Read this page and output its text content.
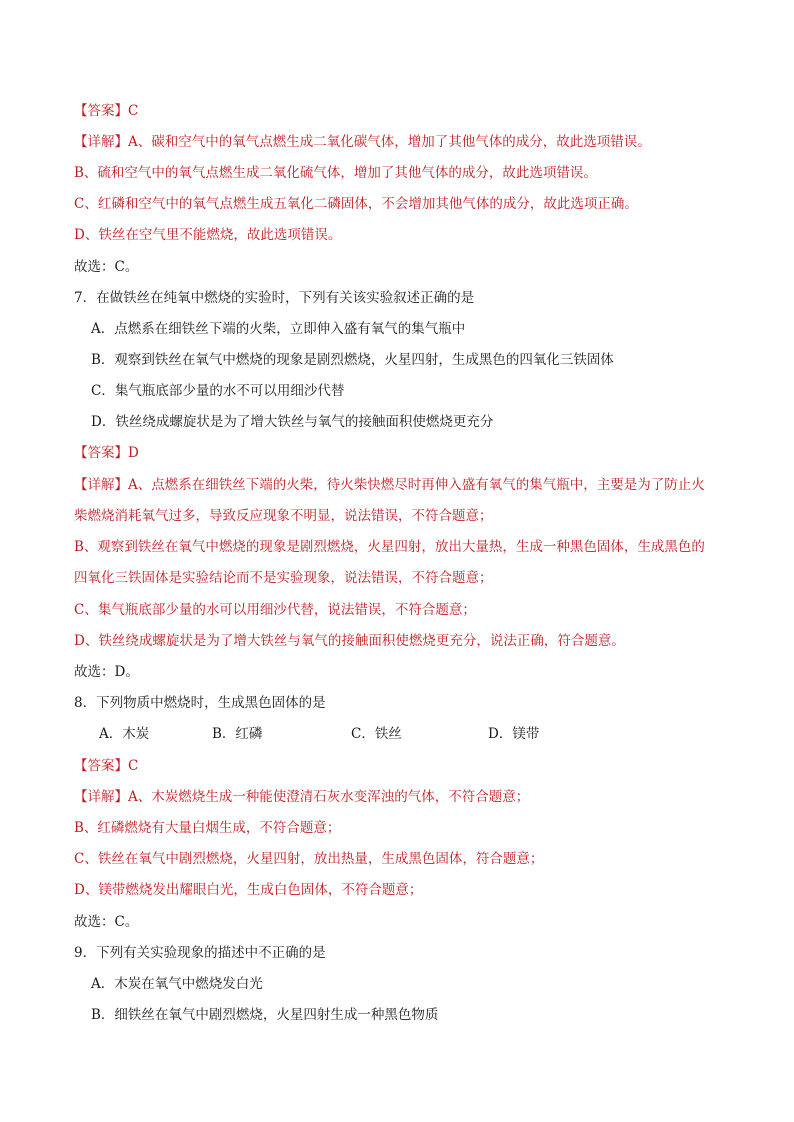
【答案】C
【详解】A、碳和空气中的氧气点燃生成二氧化碳气体，增加了其他气体的成分，故此选项错误。
B、硫和空气中的氧气点燃生成二氧化硫气体，增加了其他气体的成分，故此选项错误。
C、红磷和空气中的氧气点燃生成五氧化二磷固体，不会增加其他气体的成分，故此选项正确。
D、铁丝在空气里不能燃烧，故此选项错误。
故选：C。
7．在做铁丝在纯氧中燃烧的实验时，下列有关该实验叙述正确的是
A．点燃系在细铁丝下端的火柴，立即伸入盛有氧气的集气瓶中
B．观察到铁丝在氧气中燃烧的现象是剧烈燃烧，火星四射，生成黑色的四氧化三铁固体
C．集气瓶底部少量的水不可以用细沙代替
D．铁丝绕成螺旋状是为了增大铁丝与氧气的接触面积使燃烧更充分
【答案】D
【详解】A、点燃系在细铁丝下端的火柴，待火柴快燃尽时再伸入盛有氧气的集气瓶中，主要是为了防止火
柴燃烧消耗氧气过多，导致反应现象不明显，说法错误，不符合题意；
B、观察到铁丝在氧气中燃烧的现象是剧烈燃烧，火星四射，放出大量热，生成一种黑色固体，生成黑色的
四氧化三铁固体是实验结论而不是实验现象，说法错误，不符合题意；
C、集气瓶底部少量的水可以用细沙代替，说法错误，不符合题意；
D、铁丝绕成螺旋状是为了增大铁丝与氧气的接触面积使燃烧更充分，说法正确，符合题意。
故选：D。
8．下列物质中燃烧时，生成黑色固体的是
A．木炭	B．红磷	C．铁丝	D．镁带
【答案】C
【详解】A、木炭燃烧生成一种能使澄清石灰水变浑浊的气体，不符合题意；
B、红磷燃烧有大量白烟生成，不符合题意；
C、铁丝在氧气中剧烈燃烧，火星四射，放出热量，生成黑色固体，符合题意；
D、镁带燃烧发出耀眼白光，生成白色固体，不符合题意；
故选：C。
9．下列有关实验现象的描述中不正确的是
A．木炭在氧气中燃烧发白光
B．细铁丝在氧气中剧烈燃烧，火星四射生成一种黑色物质
